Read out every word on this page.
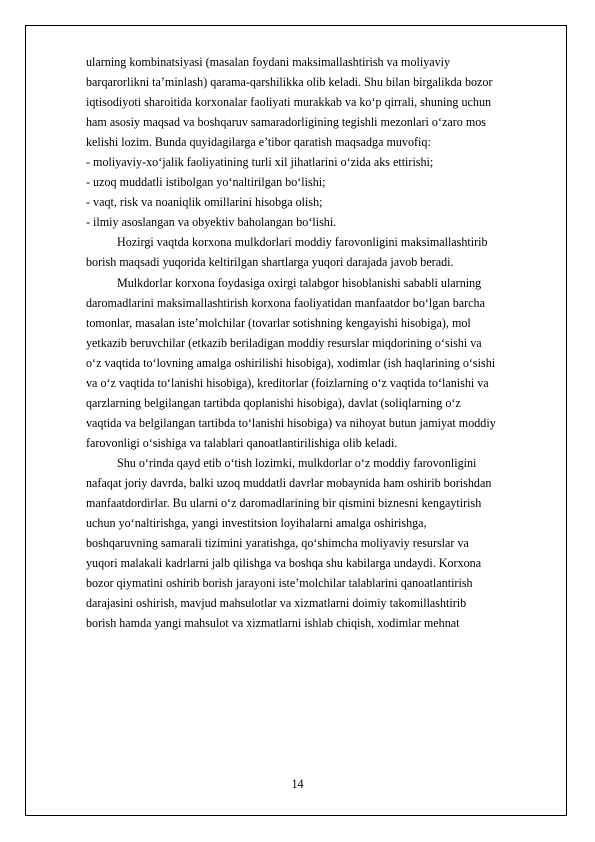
ularning kombinatsiyasi (masalan foydani maksimallashtirish va moliyaviy
barqarorlikni ta’minlash) qarama-qarshilikka olib keladi. Shu bilan birgalikda bozor
iqtisodiyoti sharoitida korxonalar faoliyati murakkab va ko‘p qirrali, shuning uchun
ham asosiy maqsad va boshqaruv samaradorligining tegishli mezonlari o‘zaro mos
kelishi lozim. Bunda quyidagilarga e’tibor qaratish maqsadga muvofiq:
- moliyaviy-xo‘jalik faoliyatining turli xil jihatlarini o‘zida aks ettirishi;
- uzoq muddatli istibolgan yo‘naltirilgan bo‘lishi;
- vaqt, risk va noaniqlik omillarini hisobga olish;
- ilmiy asoslangan va obyektiv baholangan bo‘lishi.
Hozirgi vaqtda korxona mulkdorlari moddiy farovonligini maksimallashtirib
borish maqsadi yuqorida keltirilgan shartlarga yuqori darajada javob beradi.
Mulkdorlar korxona foydasiga oxirgi talabgor hisoblanishi sababli ularning
daromadlarini maksimallashtirish korxona faoliyatidan manfaatdor bo‘lgan barcha
tomonlar, masalan iste’molchilar (tovarlar sotishning kengayishi hisobiga), mol
yetkazib beruvchilar (etkazib beriladigan moddiy resurslar miqdorining o‘sishi va
o‘z vaqtida to‘lovning amalga oshirilishi hisobiga), xodimlar (ish haqlarining o‘sishi
va o‘z vaqtida to‘lanishi hisobiga), kreditorlar (foizlarning o‘z vaqtida to‘lanishi va
qarzlarning belgilangan tartibda qoplanishi hisobiga), davlat (soliqlarning o‘z
vaqtida va belgilangan tartibda to‘lanishi hisobiga) va nihoyat butun jamiyat moddiy
farovonligi o‘sishiga va talablari qanoatlantirilishiga olib keladi.
Shu o‘rinda qayd etib o‘tish lozimki, mulkdorlar o‘z moddiy farovonligini
nafaqat joriy davrda, balki uzoq muddatli davrlar mobaynida ham oshirib borishdan
manfaatdordirlar. Bu ularni o‘z daromadlarining bir qismini biznesni kengaytirish
uchun yo‘naltirishga, yangi investitsion loyihalarni amalga oshirishga,
boshqaruvning samarali tizimini yaratishga, qo‘shimcha moliyaviy resurslar va
yuqori malakali kadrlarni jalb qilishga va boshqa shu kabilarga undaydi. Korxona
bozor qiymatini oshirib borish jarayoni iste’molchilar talablarini qanoatlantirish
darajasini oshirish, mavjud mahsulotlar va xizmatlarni doimiy takomillashtirib
borish hamda yangi mahsulot va xizmatlarni ishlab chiqish, xodimlar mehnat
14
